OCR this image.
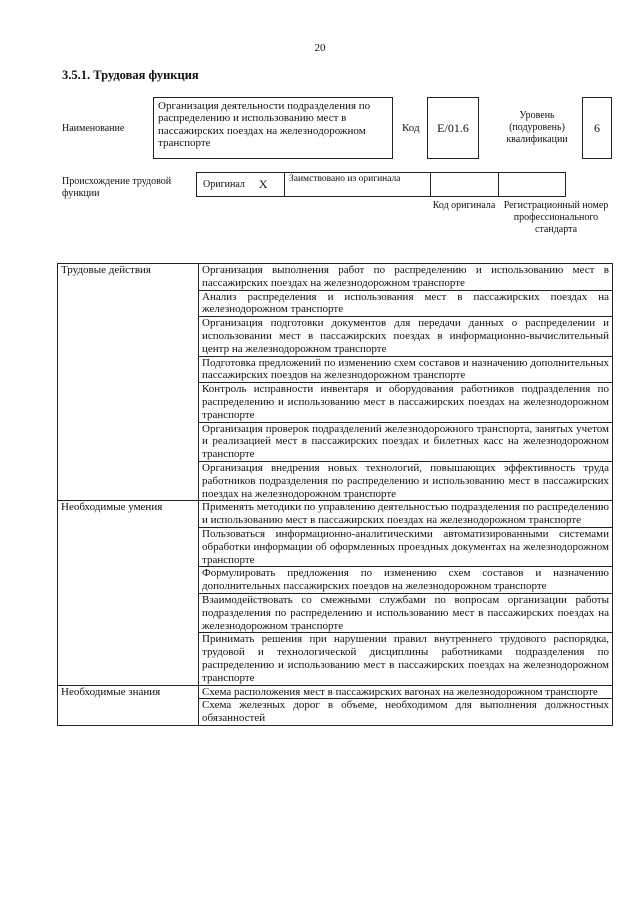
20
3.5.1. Трудовая функция
Наименование
Организация деятельности подразделения по распределению и использованию мест в пассажирских поездах на железнодорожном транспорте
Код	E/01.6
Уровень (подуровень) квалификации
6
Происхождение трудовой функции
Оригинал X	Заимствовано из оригинала
Код оригинала Регистрационный номер профессионального стандарта
Трудовые действия	Организация выполнения работ по распределению и использованию мест в пассажирских поездах на железнодорожном транспорте
	Анализ распределения и использования мест в пассажирских поездах на железнодорожном транспорте
	Организация подготовки документов для передачи данных о распределении и использовании мест в пассажирских поездах в информационно-вычислительный центр на железнодорожном транспорте
	Подготовка предложений по изменению схем составов и назначению дополнительных пассажирских поездов на железнодорожном транспорте
	Контроль исправности инвентаря и оборудования работников подразделения по распределению и использованию мест в пассажирских поездах на железнодорожном транспорте
	Организация проверок подразделений железнодорожного транспорта, занятых учетом и реализацией мест в пассажирских поездах и билетных касс на железнодорожном транспорте
	Организация внедрения новых технологий, повышающих эффективность труда работников подразделения по распределению и использованию мест в пассажирских поездах на железнодорожном транспорте
Необходимые умения	Применять методики по управлению деятельностью подразделения по распределению и использованию мест в пассажирских поездах на железнодорожном транспорте
	Пользоваться информационно-аналитическими автоматизированными системами обработки информации об оформленных проездных документах на железнодорожном транспорте
	Формулировать предложения по изменению схем составов и назначению дополнительных пассажирских поездов на железнодорожном транспорте
	Взаимодействовать со смежными службами по вопросам организации работы подразделения по распределению и использованию мест в пассажирских поездах на железнодорожном транспорте
	Принимать решения при нарушении правил внутреннего трудового распорядка, трудовой и технологической дисциплины работниками подразделения по распределению и использованию мест в пассажирских поездах на железнодорожном транспорте
Необходимые знания	Схема расположения мест в пассажирских вагонах на железнодорожном транспорте
	Схема железных дорог в объеме, необходимом для выполнения должностных обязанностей
